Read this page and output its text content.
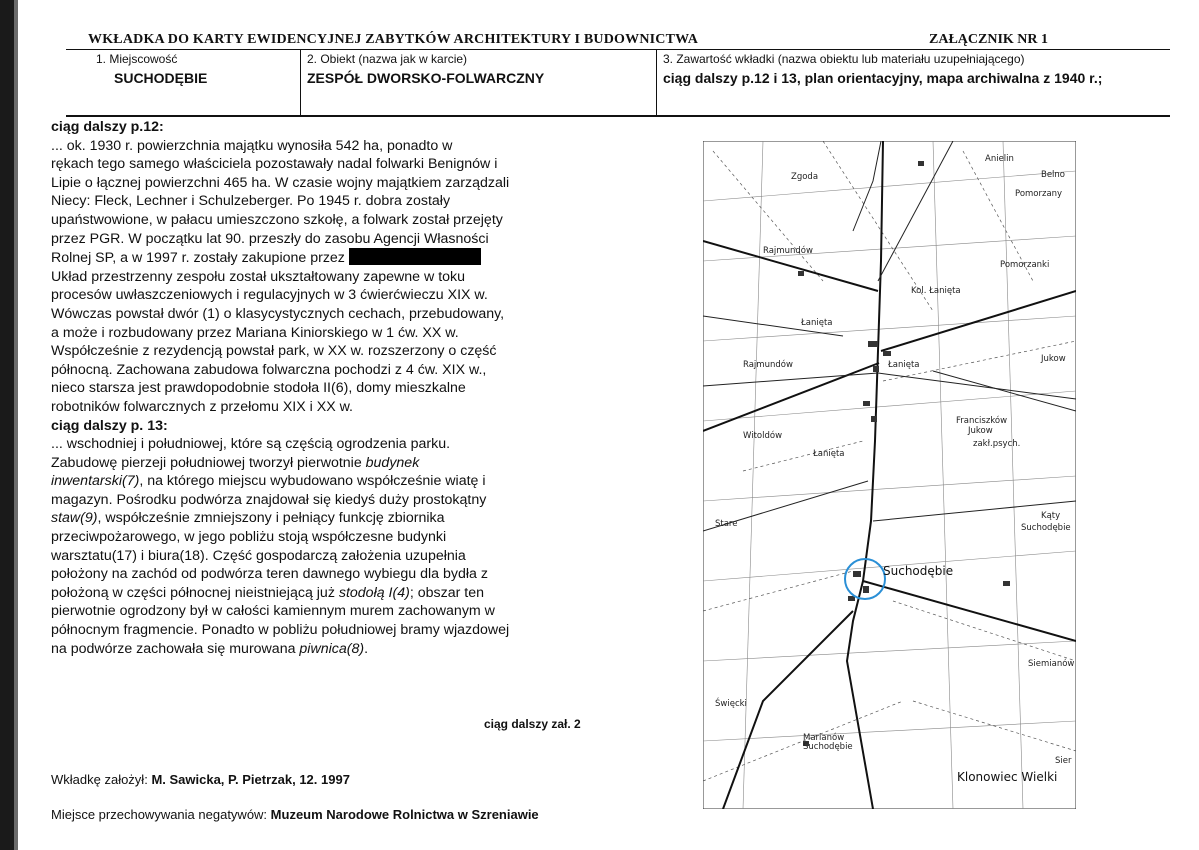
WKŁADKA DO KARTY EWIDENCYJNEJ ZABYTKÓW ARCHITEKTURY I BUDOWNICTWA	ZAŁĄCZNIK NR 1
1. Miejscowość
SUCHODĘBIE
2. Obiekt (nazwa jak w karcie)
ZESPÓŁ DWORSKO-FOLWARCZNY
3. Zawartość wkładki (nazwa obiektu lub materiału uzupełniającego)
ciąg dalszy p.12 i 13, plan orientacyjny, mapa archiwalna z 1940 r.;

ciąg dalszy p.12:

... ok. 1930 r. powierzchnia majątku wynosiła 542 ha, ponadto w

rękach tego samego właściciela pozostawały nadal folwarki Benignów i

Lipie o łącznej powierzchni 465 ha. W czasie wojny majątkiem zarządzali

Niecy: Fleck, Lechner i Schulzeberger. Po 1945 r. dobra zostały

upaństwowione, w pałacu umieszczono szkołę, a folwark został przejęty

przez PGR. W początku lat 90. przeszły do zasobu Agencji Własności

Rolnej SP, a w 1997 r. zostały zakupione przez

Układ przestrzenny zespołu został ukształtowany zapewne w toku

procesów uwłaszczeniowych i regulacyjnych w 3 ćwierćwieczu XIX w.

Wówczas powstał dwór (1) o klasycystycznych cechach, przebudowany,

a może i rozbudowany przez Mariana Kiniorskiego w 1 ćw. XX w.

Współcześnie z rezydencją powstał park, w XX w. rozszerzony o część

północną. Zachowana zabudowa folwarczna pochodzi z 4 ćw. XIX w.,

nieco starsza jest prawdopodobnie stodoła II(6), domy mieszkalne

robotników folwarcznych z przełomu XIX i XX w.

ciąg dalszy p. 13:

... wschodniej i południowej, które są częścią ogrodzenia parku.

Zabudowę pierzeji południowej tworzył pierwotnie budynek

inwentarski(7), na którego miejscu wybudowano współcześnie wiatę i

magazyn. Pośrodku podwórza znajdował się kiedyś duży prostokątny

staw(9), współcześnie zmniejszony i pełniący funkcję zbiornika

przeciwpożarowego, w jego pobliżu stoją współczesne budynki

warsztatu(17) i biura(18). Część gospodarczą założenia uzupełnia

położony na zachód od podwórza teren dawnego wybiegu dla bydła z

położoną w części północnej nieistniejącą już stodołą I(4); obszar ten

pierwotnie ogrodzony był w całości kamiennym murem zachowanym w

północnym fragmencie. Ponadto w pobliżu południowej bramy wjazdowej

na podwórze zachowała się murowana piwnica(8).

ciąg dalszy zał. 2
Wkładkę założył: M. Sawicka, P. Pietrzak, 12. 1997
Miejsce przechowywania negatywów: Muzeum Narodowe Rolnictwa w Szreniawie
Anielin
Zgoda	Belno
Pomorzany
Rajmundów
Pomorzanki
Kol. Łanięta
Łanięta
Łanięta
Jukow
Rajmundów
Franciszków
Jukow
zakł.psych.
Witoldów
Łanięta
Stare
Kąty
Suchodębie
Suchodębie
Siemianów
Święcki
Marianów
Suchodębie
Klonowiec Wielki
Sier
